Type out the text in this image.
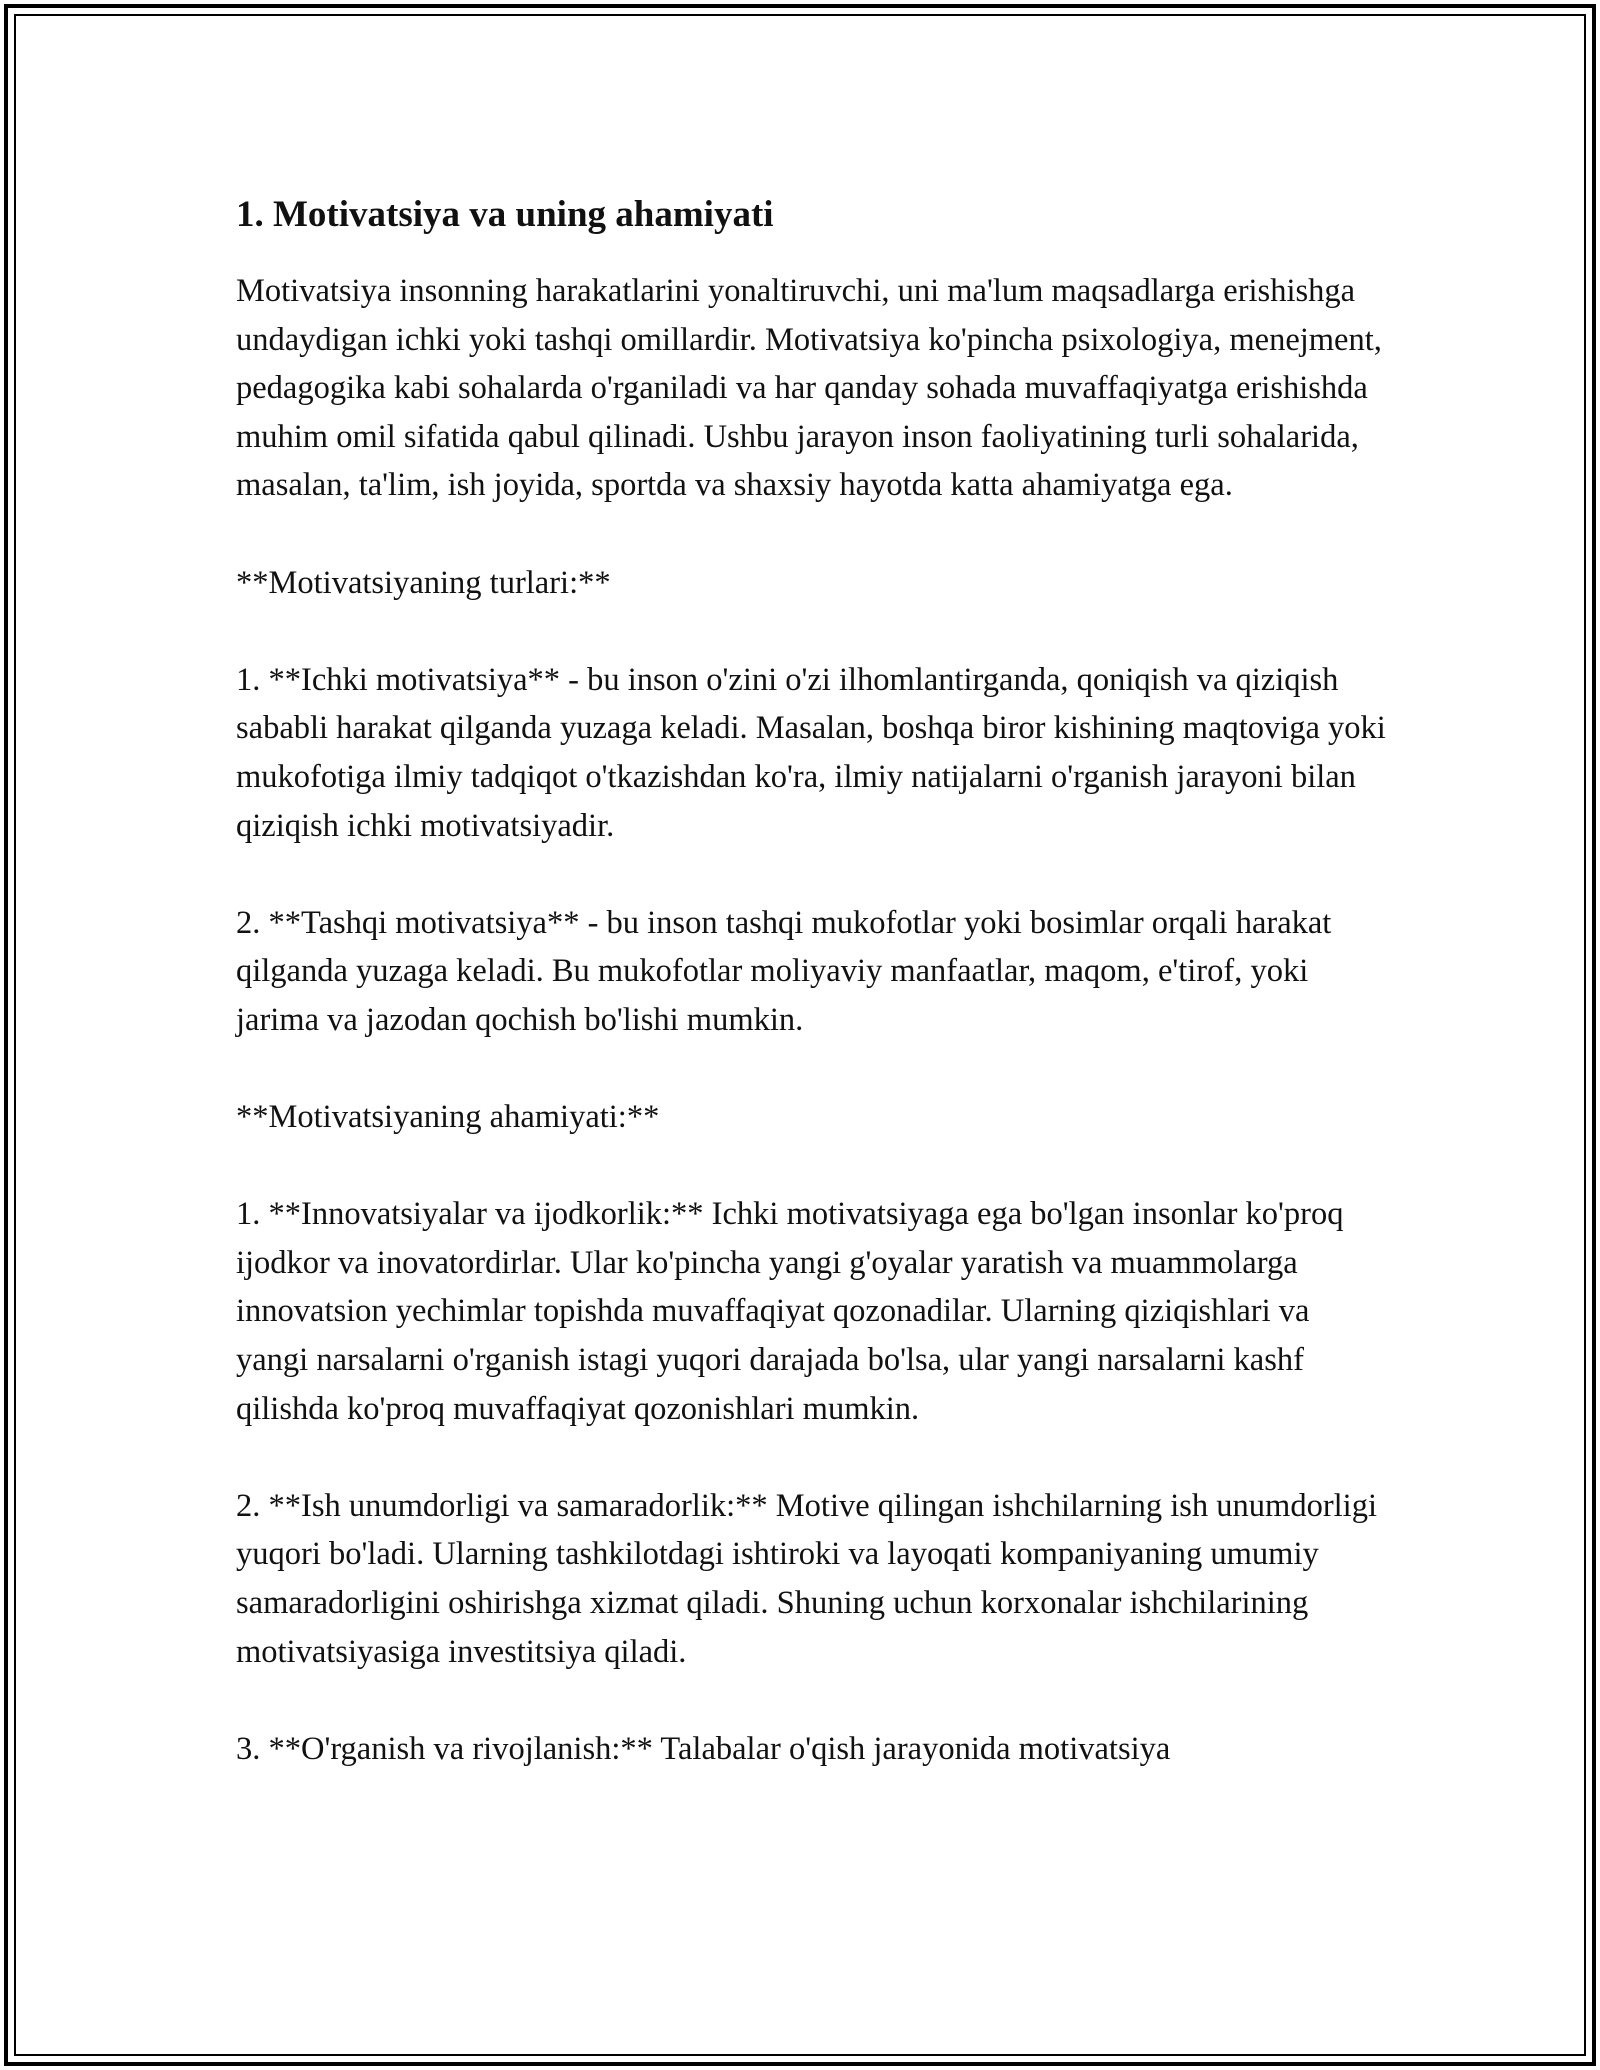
1. Motivatsiya va uning ahamiyati

Motivatsiya insonning harakatlarini yonaltiruvchi, uni ma'lum maqsadlarga erishishga undaydigan ichki yoki tashqi omillardir. Motivatsiya ko'pincha psixologiya, menejment, pedagogika kabi sohalarda o'rganiladi va har qanday sohada muvaffaqiyatga erishishda muhim omil sifatida qabul qilinadi. Ushbu jarayon inson faoliyatining turli sohalarida, masalan, ta'lim, ish joyida, sportda va shaxsiy hayotda katta ahamiyatga ega.

**Motivatsiyaning turlari:**

1. **Ichki motivatsiya** - bu inson o'zini o'zi ilhomlantirganda, qoniqish va qiziqish sababli harakat qilganda yuzaga keladi. Masalan, boshqa biror kishining maqtoviga yoki mukofotiga ilmiy tadqiqot o'tkazishdan ko'ra, ilmiy natijalarni o'rganish jarayoni bilan qiziqish ichki motivatsiyadir.

2. **Tashqi motivatsiya** - bu inson tashqi mukofotlar yoki bosimlar orqali harakat qilganda yuzaga keladi. Bu mukofotlar moliyaviy manfaatlar, maqom, e'tirof, yoki jarima va jazodan qochish bo'lishi mumkin.

**Motivatsiyaning ahamiyati:**

1. **Innovatsiyalar va ijodkorlik:** Ichki motivatsiyaga ega bo'lgan insonlar ko'proq ijodkor va inovatordirlar. Ular ko'pincha yangi g'oyalar yaratish va muammolarga innovatsion yechimlar topishda muvaffaqiyat qozonadilar. Ularning qiziqishlari va yangi narsalarni o'rganish istagi yuqori darajada bo'lsa, ular yangi narsalarni kashf qilishda ko'proq muvaffaqiyat qozonishlari mumkin.

2. **Ish unumdorligi va samaradorlik:** Motive qilingan ishchilarning ish unumdorligi yuqori bo'ladi. Ularning tashkilotdagi ishtiroki va layoqati kompaniyaning umumiy samaradorligini oshirishga xizmat qiladi. Shuning uchun korxonalar ishchilarining motivatsiyasiga investitsiya qiladi.

3. **O'rganish va rivojlanish:** Talabalar o'qish jarayonida motivatsiya
